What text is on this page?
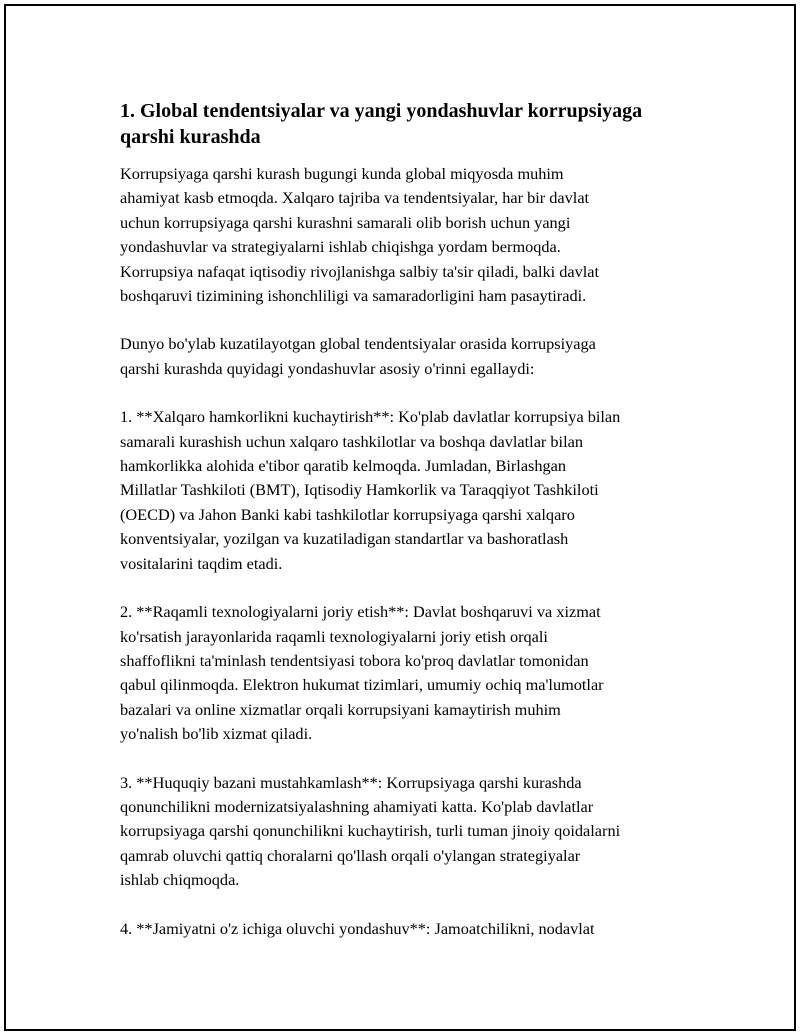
1. Global tendentsiyalar va yangi yondashuvlar korrupsiyaga
qarshi kurashda
Korrupsiyaga qarshi kurash bugungi kunda global miqyosda muhim
ahamiyat kasb etmoqda. Xalqaro tajriba va tendentsiyalar, har bir davlat
uchun korrupsiyaga qarshi kurashni samarali olib borish uchun yangi
yondashuvlar va strategiyalarni ishlab chiqishga yordam bermoqda.
Korrupsiya nafaqat iqtisodiy rivojlanishga salbiy ta'sir qiladi, balki davlat
boshqaruvi tizimining ishonchliligi va samaradorligini ham pasaytiradi.
Dunyo bo'ylab kuzatilayotgan global tendentsiyalar orasida korrupsiyaga
qarshi kurashda quyidagi yondashuvlar asosiy o'rinni egallaydi:
1. **Xalqaro hamkorlikni kuchaytirish**: Ko'plab davlatlar korrupsiya bilan
samarali kurashish uchun xalqaro tashkilotlar va boshqa davlatlar bilan
hamkorlikka alohida e'tibor qaratib kelmoqda. Jumladan, Birlashgan
Millatlar Tashkiloti (BMT), Iqtisodiy Hamkorlik va Taraqqiyot Tashkiloti
(OECD) va Jahon Banki kabi tashkilotlar korrupsiyaga qarshi xalqaro
konventsiyalar, yozilgan va kuzatiladigan standartlar va bashoratlash
vositalarini taqdim etadi.
2. **Raqamli texnologiyalarni joriy etish**: Davlat boshqaruvi va xizmat
ko'rsatish jarayonlarida raqamli texnologiyalarni joriy etish orqali
shaffoflikni ta'minlash tendentsiyasi tobora ko'proq davlatlar tomonidan
qabul qilinmoqda. Elektron hukumat tizimlari, umumiy ochiq ma'lumotlar
bazalari va online xizmatlar orqali korrupsiyani kamaytirish muhim
yo'nalish bo'lib xizmat qiladi.
3. **Huquqiy bazani mustahkamlash**: Korrupsiyaga qarshi kurashda
qonunchilikni modernizatsiyalashning ahamiyati katta. Ko'plab davlatlar
korrupsiyaga qarshi qonunchilikni kuchaytirish, turli tuman jinoiy qoidalarni
qamrab oluvchi qattiq choralarni qo'llash orqali o'ylangan strategiyalar
ishlab chiqmoqda.
4. **Jamiyatni o'z ichiga oluvchi yondashuv**: Jamoatchilikni, nodavlat
